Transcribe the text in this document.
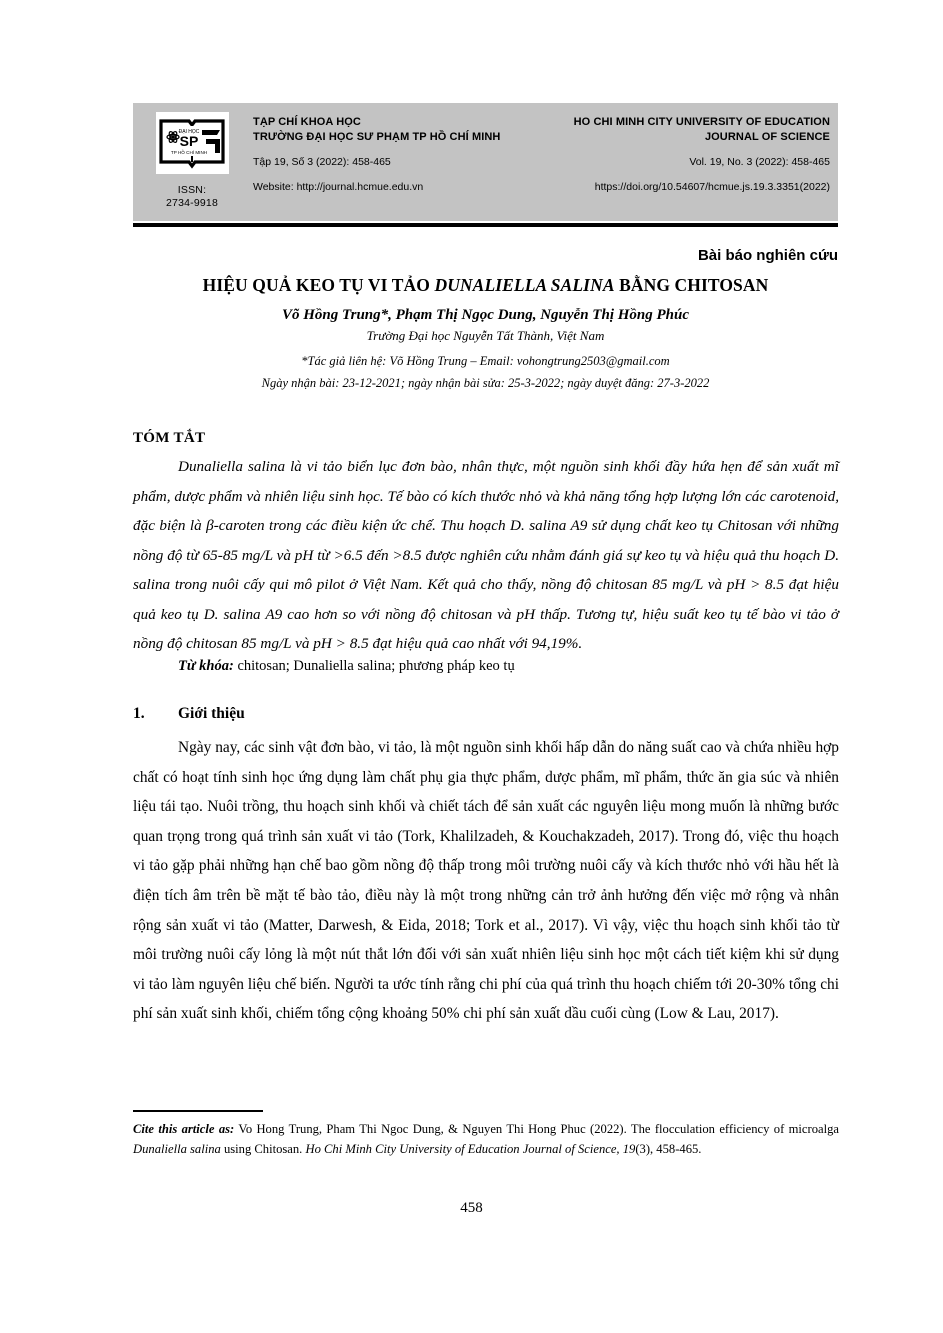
ĐẠI HỌC
SP
TP HỒ CHÍ MINH
ISSN:
2734-9918
TẠP CHÍ KHOA HỌC
TRƯỜNG ĐẠI HỌC SƯ PHẠM TP HỒ CHÍ MINH
Tập 19, Số 3 (2022): 458-465
Website: http://journal.hcmue.edu.vn
HO CHI MINH CITY UNIVERSITY OF EDUCATION
JOURNAL OF SCIENCE
Vol. 19, No. 3 (2022): 458-465
https://doi.org/10.54607/hcmue.js.19.3.3351(2022)
Bài báo nghiên cứu
HIỆU QUẢ KEO TỤ VI TẢO DUNALIELLA SALINA BẰNG CHITOSAN
Võ Hồng Trung*, Phạm Thị Ngọc Dung, Nguyễn Thị Hồng Phúc
Trường Đại học Nguyễn Tất Thành, Việt Nam
*Tác giả liên hệ: Võ Hồng Trung – Email: vohongtrung2503@gmail.com
Ngày nhận bài: 23-12-2021; ngày nhận bài sửa: 25-3-2022; ngày duyệt đăng: 27-3-2022
TÓM TẮT
Dunaliella salina là vi tảo biển lục đơn bào, nhân thực, một nguồn sinh khối đầy hứa hẹn để sản xuất mĩ phẩm, dược phẩm và nhiên liệu sinh học. Tế bào có kích thước nhỏ và khả năng tổng hợp lượng lớn các carotenoid, đặc biện là β-caroten trong các điều kiện ức chế. Thu hoạch D. salina A9 sử dụng chất keo tụ Chitosan với những nồng độ từ 65-85 mg/L và pH từ >6.5 đến >8.5 được nghiên cứu nhằm đánh giá sự keo tụ và hiệu quả thu hoạch D. salina trong nuôi cấy qui mô pilot ở Việt Nam. Kết quả cho thấy, nồng độ chitosan 85 mg/L và pH > 8.5 đạt hiệu quả keo tụ D. salina A9 cao hơn so với nồng độ chitosan và pH thấp. Tương tự, hiệu suất keo tụ tế bào vi tảo ở nồng độ chitosan 85 mg/L và pH > 8.5 đạt hiệu quả cao nhất với 94,19%.
Từ khóa: chitosan; Dunaliella salina; phương pháp keo tụ
1. Giới thiệu
Ngày nay, các sinh vật đơn bào, vi tảo, là một nguồn sinh khối hấp dẫn do năng suất cao và chứa nhiều hợp chất có hoạt tính sinh học ứng dụng làm chất phụ gia thực phẩm, dược phẩm, mĩ phẩm, thức ăn gia súc và nhiên liệu tái tạo. Nuôi trồng, thu hoạch sinh khối và chiết tách để sản xuất các nguyên liệu mong muốn là những bước quan trọng trong quá trình sản xuất vi tảo (Tork, Khalilzadeh, & Kouchakzadeh, 2017). Trong đó, việc thu hoạch vi tảo gặp phải những hạn chế bao gồm nồng độ thấp trong môi trường nuôi cấy và kích thước nhỏ với hầu hết là điện tích âm trên bề mặt tế bào tảo, điều này là một trong những cản trở ảnh hưởng đến việc mở rộng và nhân rộng sản xuất vi tảo (Matter, Darwesh, & Eida, 2018; Tork et al., 2017). Vì vậy, việc thu hoạch sinh khối tảo từ môi trường nuôi cấy lỏng là một nút thắt lớn đối với sản xuất nhiên liệu sinh học một cách tiết kiệm khi sử dụng vi tảo làm nguyên liệu chế biến. Người ta ước tính rằng chi phí của quá trình thu hoạch chiếm tới 20-30% tổng chi phí sản xuất sinh khối, chiếm tổng cộng khoảng 50% chi phí sản xuất dầu cuối cùng (Low & Lau, 2017).
Cite this article as: Vo Hong Trung, Pham Thi Ngoc Dung, & Nguyen Thi Hong Phuc (2022). The flocculation efficiency of microalga Dunaliella salina using Chitosan. Ho Chi Minh City University of Education Journal of Science, 19(3), 458-465.
458
